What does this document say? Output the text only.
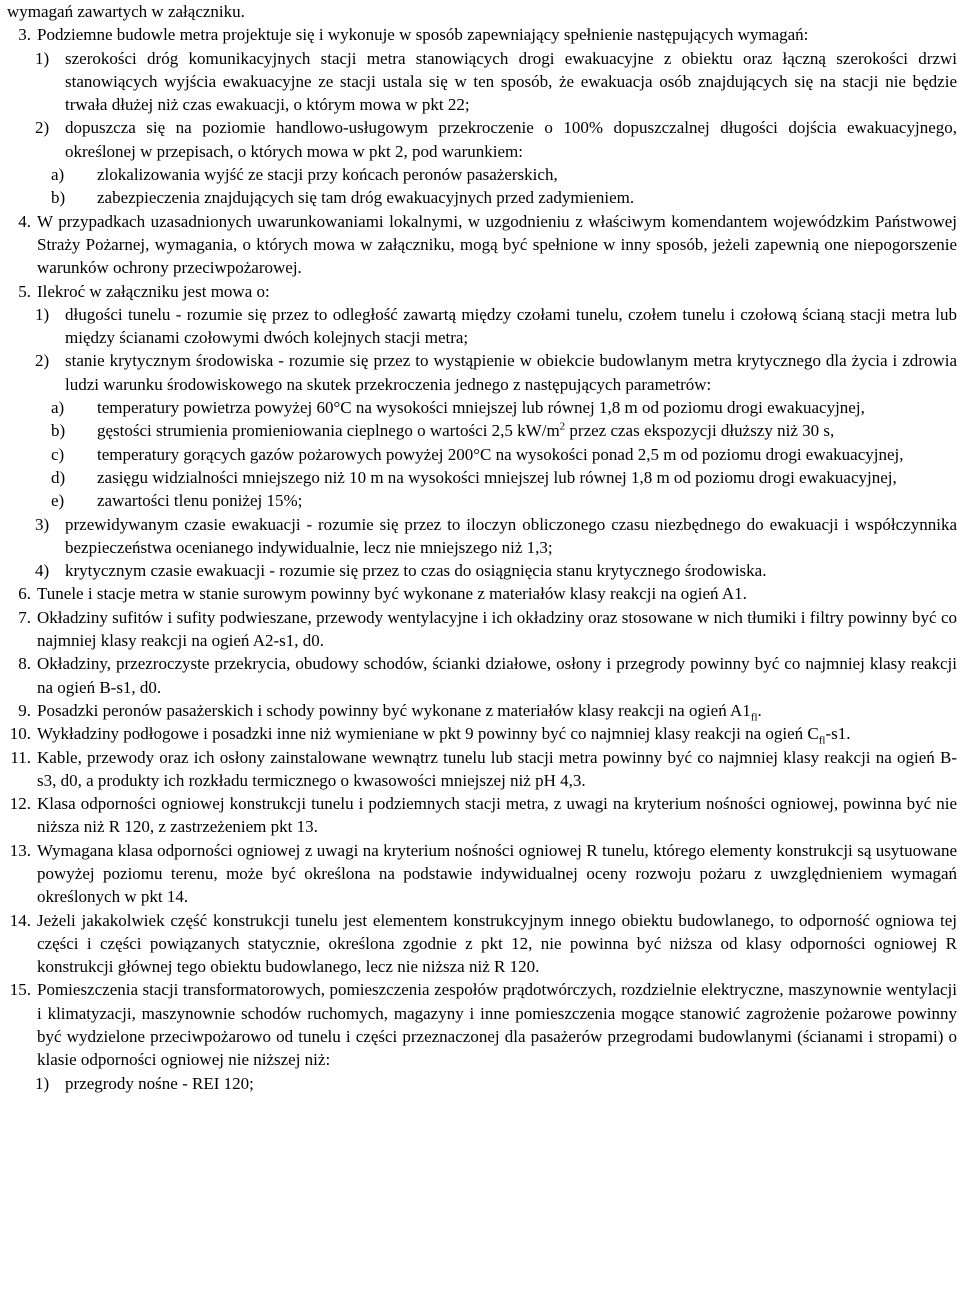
wymagań zawartych w załączniku.
3. Podziemne budowle metra projektuje się i wykonuje w sposób zapewniający spełnienie następujących wymagań:
1) szerokości dróg komunikacyjnych stacji metra stanowiących drogi ewakuacyjne z obiektu oraz łączną szerokości drzwi stanowiących wyjścia ewakuacyjne ze stacji ustala się w ten sposób, że ewakuacja osób znajdujących się na stacji nie będzie trwała dłużej niż czas ewakuacji, o którym mowa w pkt 22;
2) dopuszcza się na poziomie handlowo-usługowym przekroczenie o 100% dopuszczalnej długości dojścia ewakuacyjnego, określonej w przepisach, o których mowa w pkt 2, pod warunkiem:
a)	zlokalizowania wyjść ze stacji przy końcach peronów pasażerskich,
b)	zabezpieczenia znajdujących się tam dróg ewakuacyjnych przed zadymieniem.
4. W przypadkach uzasadnionych uwarunkowaniami lokalnymi, w uzgodnieniu z właściwym komendantem wojewódzkim Państwowej Straży Pożarnej, wymagania, o których mowa w załączniku, mogą być spełnione w inny sposób, jeżeli zapewnią one niepogorszenie warunków ochrony przeciwpożarowej.
5. Ilekroć w załączniku jest mowa o:
1) długości tunelu - rozumie się przez to odległość zawartą między czołami tunelu, czołem tunelu i czołową ścianą stacji metra lub między ścianami czołowymi dwóch kolejnych stacji metra;
2) stanie krytycznym środowiska - rozumie się przez to wystąpienie w obiekcie budowlanym metra krytycznego dla życia i zdrowia ludzi warunku środowiskowego na skutek przekroczenia jednego z następujących parametrów:
a)	temperatury powietrza powyżej 60°C na wysokości mniejszej lub równej 1,8 m od poziomu drogi ewakuacyjnej,
b)	gęstości strumienia promieniowania cieplnego o wartości 2,5 $kW/m^2$ przez czas ekspozycji dłuższy niż 30 s,
c)	temperatury gorących gazów pożarowych powyżej 200°C na wysokości ponad 2,5 m od poziomu drogi ewakuacyjnej,
d)	zasięgu widzialności mniejszego niż 10 m na wysokości mniejszej lub równej 1,8 m od poziomu drogi ewakuacyjnej,
e)	zawartości tlenu poniżej 15%;
3) przewidywanym czasie ewakuacji - rozumie się przez to iloczyn obliczonego czasu niezbędnego do ewakuacji i współczynnika bezpieczeństwa ocenianego indywidualnie, lecz nie mniejszego niż 1,3;
4) krytycznym czasie ewakuacji - rozumie się przez to czas do osiągnięcia stanu krytycznego środowiska.
6. Tunele i stacje metra w stanie surowym powinny być wykonane z materiałów klasy reakcji na ogień A1.
7. Okładziny sufitów i sufity podwieszane, przewody wentylacyjne i ich okładziny oraz stosowane w nich tłumiki i filtry powinny być co najmniej klasy reakcji na ogień A2-s1, d0.
8. Okładziny, przezroczyste przekrycia, obudowy schodów, ścianki działowe, osłony i przegrody powinny być co najmniej klasy reakcji na ogień B-s1, d0.
9. Posadzki peronów pasażerskich i schody powinny być wykonane z materiałów klasy reakcji na ogień $A1_{fl}$.
10. Wykładziny podłogowe i posadzki inne niż wymieniane w pkt 9 powinny być co najmniej klasy reakcji na ogień $C_{fl}-s1$.
11. Kable, przewody oraz ich osłony zainstalowane wewnątrz tunelu lub stacji metra powinny być co najmniej klasy reakcji na ogień B-s3, d0, a produkty ich rozkładu termicznego o kwasowości mniejszej niż pH 4,3.
12. Klasa odporności ogniowej konstrukcji tunelu i podziemnych stacji metra, z uwagi na kryterium nośności ogniowej, powinna być nie niższa niż R 120, z zastrzeżeniem pkt 13.
13. Wymagana klasa odporności ogniowej z uwagi na kryterium nośności ogniowej R tunelu, którego elementy konstrukcji są usytuowane powyżej poziomu terenu, może być określona na podstawie indywidualnej oceny rozwoju pożaru z uwzględnieniem wymagań określonych w pkt 14.
14. Jeżeli jakakolwiek część konstrukcji tunelu jest elementem konstrukcyjnym innego obiektu budowlanego, to odporność ogniowa tej części i części powiązanych statycznie, określona zgodnie z pkt 12, nie powinna być niższa od klasy odporności ogniowej R konstrukcji głównej tego obiektu budowlanego, lecz nie niższa niż R 120.
15. Pomieszczenia stacji transformatorowych, pomieszczenia zespołów prądotwórczych, rozdzielnie elektryczne, maszynownie wentylacji i klimatyzacji, maszynownie schodów ruchomych, magazyny i inne pomieszczenia mogące stanowić zagrożenie pożarowe powinny być wydzielone przeciwpożarowo od tunelu i części przeznaczonej dla pasażerów przegrodami budowlanymi (ścianami i stropami) o klasie odporności ogniowej nie niższej niż:
1) przegrody nośne - REI 120;
